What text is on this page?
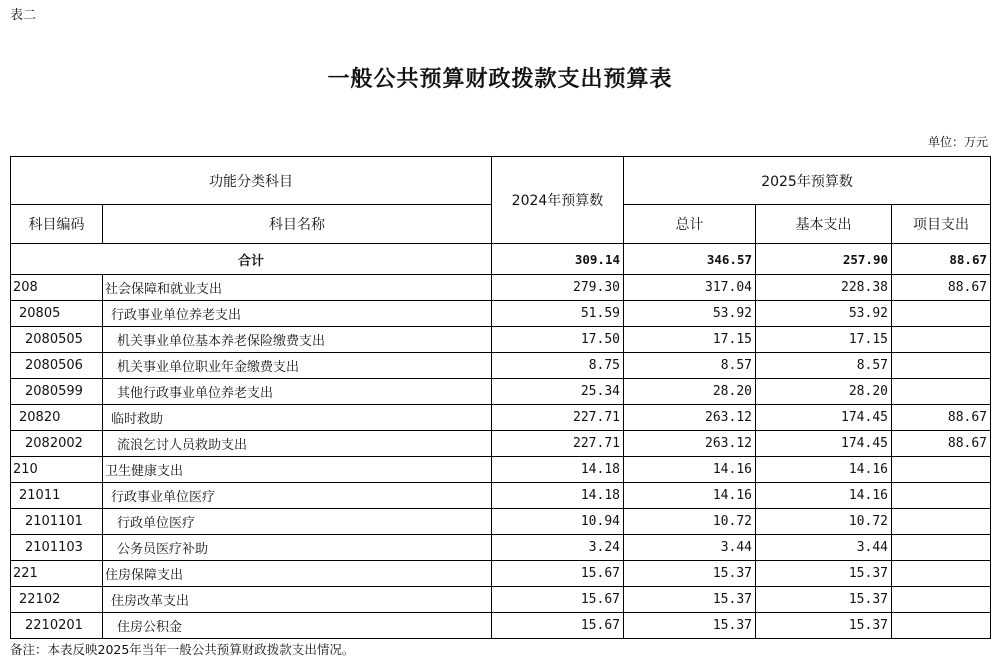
表二
一般公共预算财政拨款支出预算表
单位：万元
功能分类科目		2024年预算数	2025年预算数		
科目编码	科目名称		总计	基本支出	项目支出
合计		309.14	346.57	257.90	88.67
208	社会保障和就业支出	279.30	317.04	228.38	88.67
20805	行政事业单位养老支出	51.59	53.92	53.92	
2080505	机关事业单位基本养老保险缴费支出	17.50	17.15	17.15	
2080506	机关事业单位职业年金缴费支出	8.75	8.57	8.57	
2080599	其他行政事业单位养老支出	25.34	28.20	28.20	
20820	临时救助	227.71	263.12	174.45	88.67
2082002	流浪乞讨人员救助支出	227.71	263.12	174.45	88.67
210	卫生健康支出	14.18	14.16	14.16	
21011	行政事业单位医疗	14.18	14.16	14.16	
2101101	行政单位医疗	10.94	10.72	10.72	
2101103	公务员医疗补助	3.24	3.44	3.44	
221	住房保障支出	15.67	15.37	15.37	
22102	住房改革支出	15.67	15.37	15.37	
2210201	住房公积金	15.67	15.37	15.37	
备注：本表反映2025年当年一般公共预算财政拨款支出情况。
